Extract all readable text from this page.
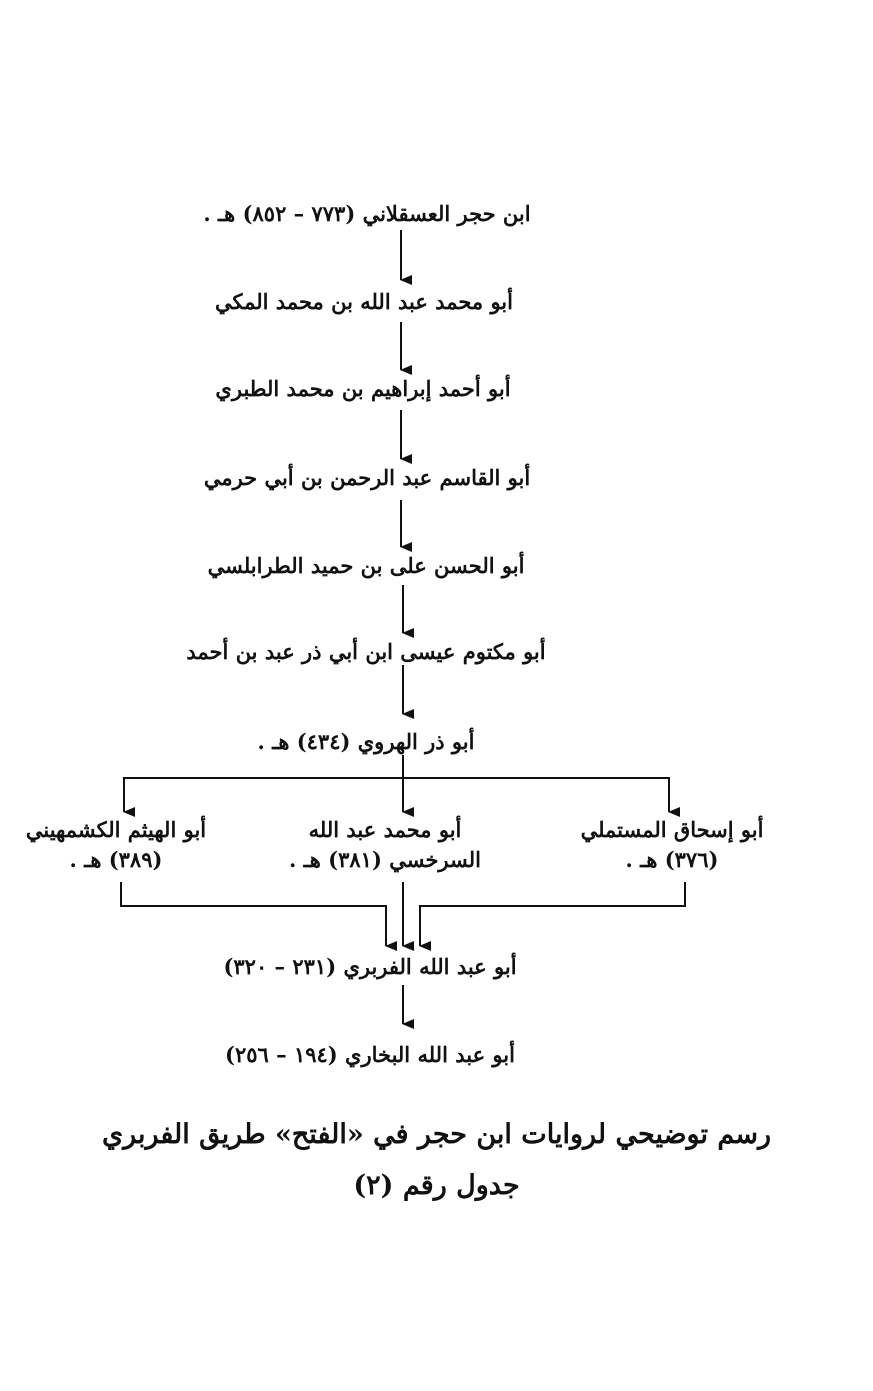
ابن حجر العسقلاني (٧٧٣ – ٨٥٢) هـ .
أبو محمد عبد الله بن محمد المكي
أبو أحمد إبراهيم بن محمد الطبري
أبو القاسم عبد الرحمن بن أبي حرمي
أبو الحسن على بن حميد الطرابلسي
أبو مكتوم عيسى ابن أبي ذر عبد بن أحمد
أبو ذر الهروي (٤٣٤) هـ .
أبو الهيثم الكشمهيني
(٣٨٩) هـ .
أبو محمد عبد الله
السرخسي (٣٨١) هـ .
أبو إسحاق المستملي
(٣٧٦) هـ .
أبو عبد الله الفربري (٢٣١ – ٣٢٠)
أبو عبد الله البخاري (١٩٤ – ٢٥٦)
رسم توضيحي لروايات ابن حجر في «الفتح» طريق الفربري
جدول رقم (٢)
